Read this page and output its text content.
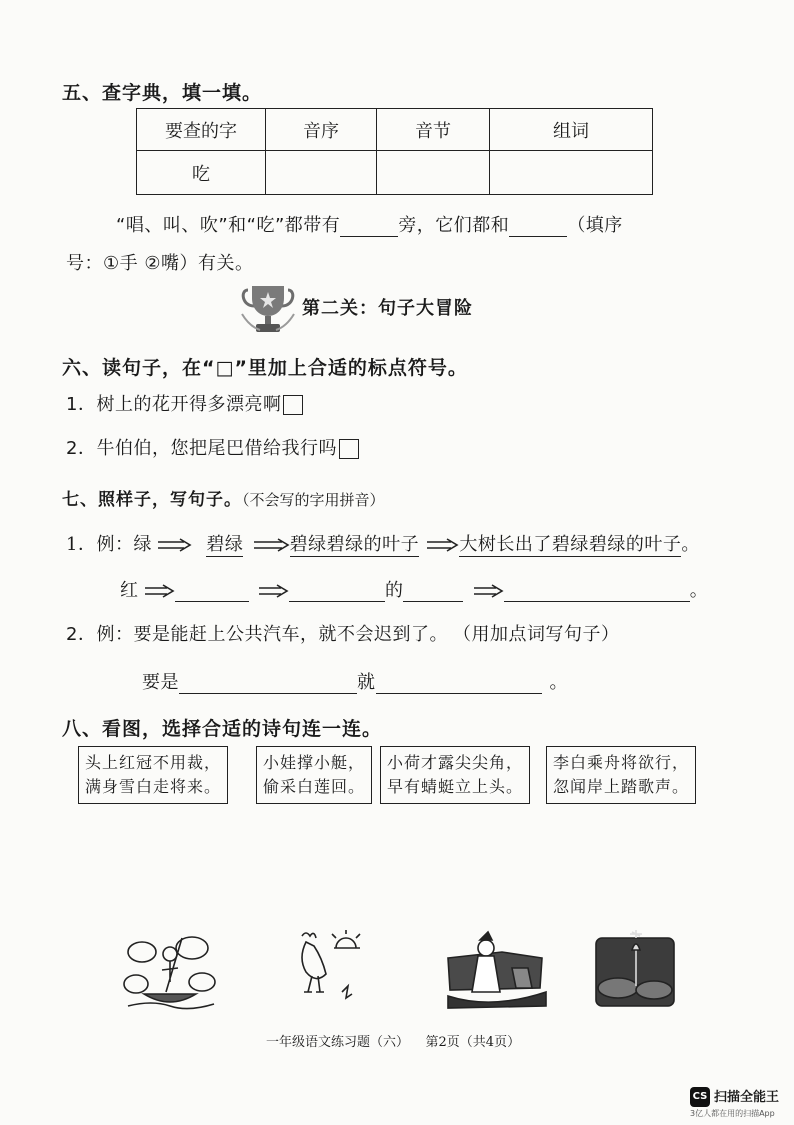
五、查字典，填一填。
要查的字	音序	音节	组词
吃			
“唱、叫、吹”和“吃”都带有	旁，它们都和	（填序
号：①手 ②嘴）有关。
第二关：句子大冒险
六、读句子，在“□”里加上合适的标点符号。
1．树上的花开得多漂亮啊
2．牛伯伯，您把尾巴借给我行吗
七、照样子，写句子。（不会写的字用拼音）
1．例：绿	碧绿	碧绿碧绿的叶子 大树长出了碧绿碧绿的叶子。
红	的	。
2．例：要是能赶上公共汽车，就不会迟到了。 （用加点词写句子）
要是	就	。
八、看图，选择合适的诗句连一连。
头上红冠不用裁，
满身雪白走将来。
小娃撑小艇，
偷采白莲回。
小荷才露尖尖角，
早有蜻蜓立上头。
李白乘舟将欲行，
忽闻岸上踏歌声。
一年级语文练习题（六）    第2页（共4页）
CS 扫描全能王
3亿人都在用的扫描App
